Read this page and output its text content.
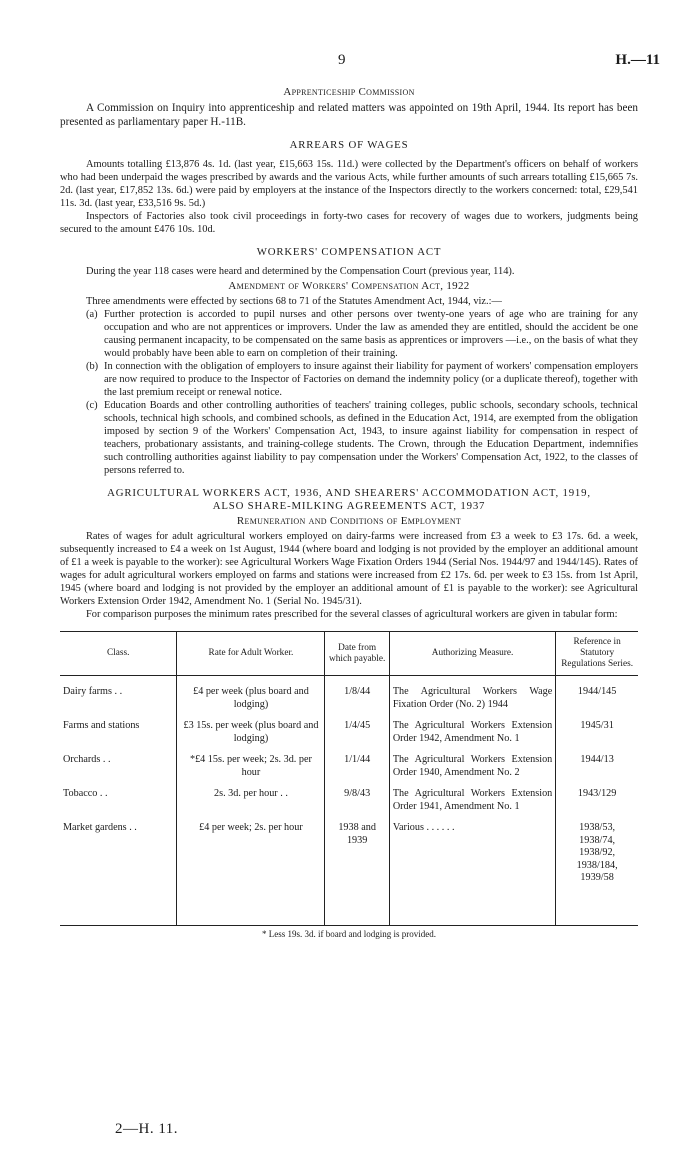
9	H.—11
Apprenticeship Commission

A Commission on Inquiry into apprenticeship and related matters was appointed on 19th April, 1944. Its report has been presented as parliamentary paper H.-11B.

ARREARS OF WAGES

Amounts totalling £13,876 4s. 1d. (last year, £15,663 15s. 11d.) were collected by the Department's officers on behalf of workers who had been underpaid the wages prescribed by awards and the various Acts, while further amounts of such arrears totalling £15,665 7s. 2d. (last year, £17,852 13s. 6d.) were paid by employers at the instance of the Inspectors directly to the workers concerned: total, £29,541 11s. 3d. (last year, £33,516 9s. 5d.)

Inspectors of Factories also took civil proceedings in forty-two cases for recovery of wages due to workers, judgments being secured to the amount £476 10s. 10d.

WORKERS' COMPENSATION ACT

During the year 118 cases were heard and determined by the Compensation Court (previous year, 114).

Amendment of Workers' Compensation Act, 1922

Three amendments were effected by sections 68 to 71 of the Statutes Amendment Act, 1944, viz.:—

(a) Further protection is accorded to pupil nurses and other persons over twenty-one years of age who are training for any occupation and who are not apprentices or improvers. Under the law as amended they are entitled, should the accident be one causing permanent incapacity, to be compensated on the same basis as apprentices or improvers —i.e., on the basis of what they would probably have been able to earn on completion of their training.
(b) In connection with the obligation of employers to insure against their liability for payment of workers' compensation employers are now required to produce to the Inspector of Factories on demand the indemnity policy (or a duplicate thereof), together with the last premium receipt or renewal notice.
(c) Education Boards and other controlling authorities of teachers' training colleges, public schools, secondary schools, technical schools, technical high schools, and combined schools, as defined in the Education Act, 1914, are exempted from the obligation imposed by section 9 of the Workers' Compensation Act, 1943, to insure against liability for compensation in respect of teachers, probationary assistants, and training-college students. The Crown, through the Education Department, indemnifies such controlling authorities against liability to pay compensation under the Workers' Compensation Act, 1922, to the classes of persons referred to.
AGRICULTURAL WORKERS ACT, 1936, AND SHEARERS' ACCOMMODATION ACT, 1919,
ALSO SHARE-MILKING AGREEMENTS ACT, 1937
Remuneration and Conditions of Employment

Rates of wages for adult agricultural workers employed on dairy-farms were increased from £3 a week to £3 17s. 6d. a week, subsequently increased to £4 a week on 1st August, 1944 (where board and lodging is not provided by the employer an additional amount of £1 a week is payable to the worker): see Agricultural Workers Wage Fixation Orders 1944 (Serial Nos. 1944/97 and 1944/145). Rates of wages for adult agricultural workers employed on farms and stations were increased from £2 17s. 6d. per week to £3 15s. from 1st April, 1945 (where board and lodging is not provided by the employer an additional amount of £1 is payable to the worker): see Agricultural Workers Extension Order 1942, Amendment No. 1 (Serial No. 1945/31).

For comparison purposes the minimum rates prescribed for the several classes of agricultural workers are given in tabular form:

Class.	Rate for Adult Worker.	Date from which payable.	Authorizing Measure.	Reference in Statutory Regulations Series.
Dairy farms . .	£4 per week (plus board and lodging)	1/8/44	The Agricultural Workers Wage Fixation Order (No. 2) 1944	1944/145
Farms and stations	£3 15s. per week (plus board and lodging)	1/4/45	The Agricultural Workers Extension Order 1942, Amendment No. 1	1945/31
Orchards . .	*£4 15s. per week; 2s. 3d. per hour	1/1/44	The Agricultural Workers Extension Order 1940, Amendment No. 2	1944/13
Tobacco . .	2s. 3d. per hour . .	9/8/43	The Agricultural Workers Extension Order 1941, Amendment No. 1	1943/129
Market gardens . .	£4 per week; 2s. per hour	1938 and 1939	Various . . . . . .	1938/53,
1938/74,
1938/92,
1938/184,
1939/58
* Less 19s. 3d. if board and lodging is provided.
2—H. 11.
